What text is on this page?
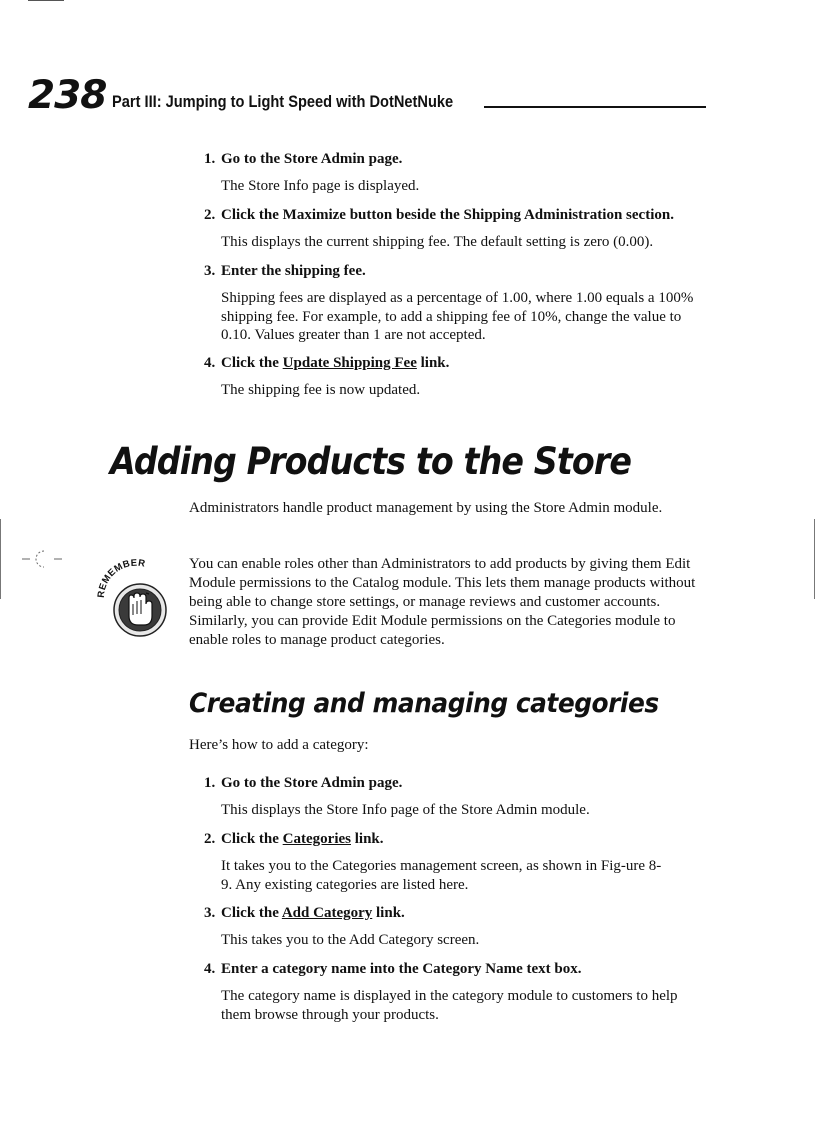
238 Part III: Jumping to Light Speed with DotNetNuke
1. Go to the Store Admin page.
The Store Info page is displayed.
2. Click the Maximize button beside the Shipping Administration section.
This displays the current shipping fee. The default setting is zero (0.00).
3. Enter the shipping fee.
Shipping fees are displayed as a percentage of 1.00, where 1.00 equals a 100% shipping fee. For example, to add a shipping fee of 10%, change the value to 0.10. Values greater than 1 are not accepted.
4. Click the Update Shipping Fee link.
The shipping fee is now updated.
Adding Products to the Store
Administrators handle product management by using the Store Admin module.
REMEMBER	You can enable roles other than Administrators to add products by giving them Edit Module permissions to the Catalog module. This lets them manage products without being able to change store settings, or manage reviews and customer accounts. Similarly, you can provide Edit Module permissions on the Categories module to enable roles to manage product categories.
Creating and managing categories
Here’s how to add a category:
1. Go to the Store Admin page.
This displays the Store Info page of the Store Admin module.
2. Click the Categories link.
It takes you to the Categories management screen, as shown in Fig-ure 8-9. Any existing categories are listed here.
3. Click the Add Category link.
This takes you to the Add Category screen.
4. Enter a category name into the Category Name text box.
The category name is displayed in the category module to customers to help them browse through your products.
